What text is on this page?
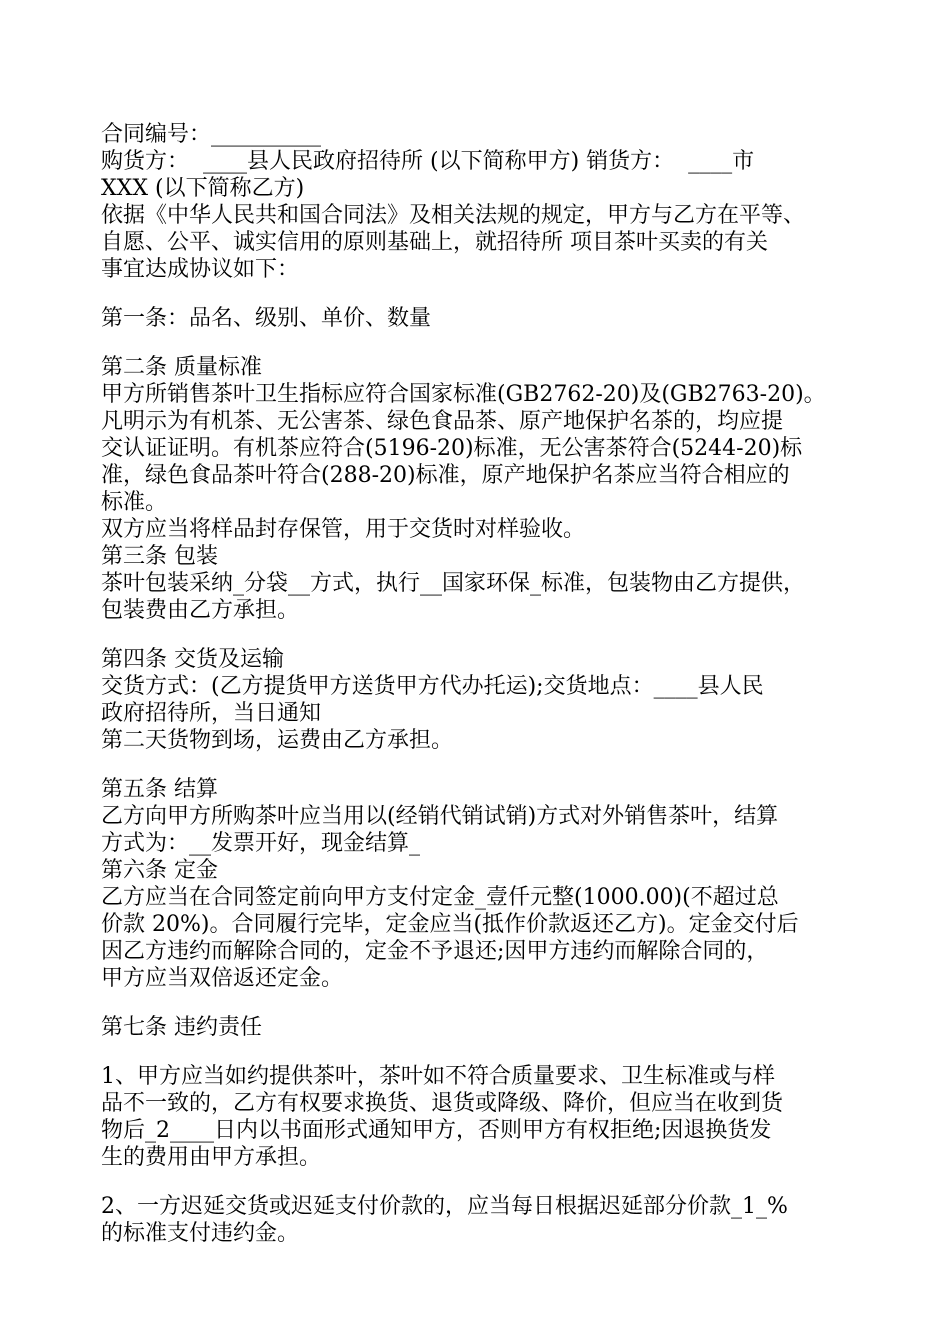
合同编号：__________
购货方：  ____县人民政府招待所 (以下简称甲方) 销货方：  ____市
XXX (以下简称乙方)
依据《中华人民共和国合同法》及相关法规的规定，甲方与乙方在平等、
自愿、公平、诚实信用的原则基础上，就招待所 项目茶叶买卖的有关
事宜达成协议如下：
第一条：品名、级别、单价、数量
第二条 质量标准
甲方所销售茶叶卫生指标应符合国家标准(GB2762-20)及(GB2763-20)。
凡明示为有机茶、无公害茶、绿色食品茶、原产地保护名茶的，均应提
交认证证明。有机茶应符合(5196-20)标准，无公害茶符合(5244-20)标
准，绿色食品茶叶符合(288-20)标准，原产地保护名茶应当符合相应的
标准。
双方应当将样品封存保管，用于交货时对样验收。
第三条 包装
茶叶包装采纳_分袋__方式，执行__国家环保_标准，包装物由乙方提供，
包装费由乙方承担。
第四条 交货及运输
交货方式：(乙方提货甲方送货甲方代办托运);交货地点：____县人民
政府招待所，当日通知
第二天货物到场，运费由乙方承担。
第五条 结算
乙方向甲方所购茶叶应当用以(经销代销试销)方式对外销售茶叶，结算
方式为：__发票开好，现金结算_
第六条 定金
乙方应当在合同签定前向甲方支付定金_壹仟元整(1000.00)(不超过总
价款 20%)。合同履行完毕，定金应当(抵作价款返还乙方)。定金交付后
因乙方违约而解除合同的，定金不予退还;因甲方违约而解除合同的，
甲方应当双倍返还定金。
第七条 违约责任
1、甲方应当如约提供茶叶，茶叶如不符合质量要求、卫生标准或与样
品不一致的，乙方有权要求换货、退货或降级、降价，但应当在收到货
物后_2____日内以书面形式通知甲方，否则甲方有权拒绝;因退换货发
生的费用由甲方承担。
2、一方迟延交货或迟延支付价款的，应当每日根据迟延部分价款_1_%
的标准支付违约金。
